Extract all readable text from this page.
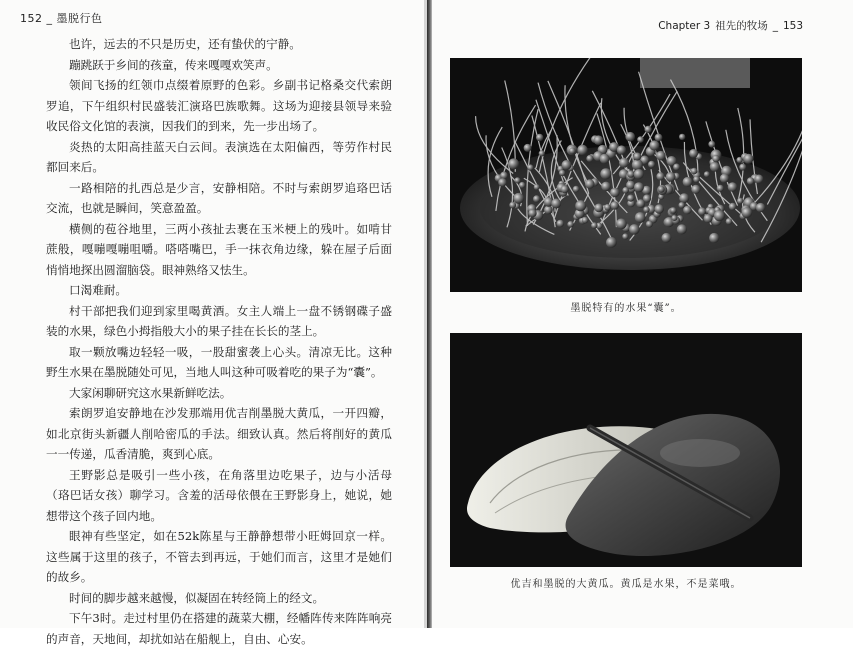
152 _ 墨脱行色

也许，远去的不只是历史，还有蛰伏的宁静。

蹦跳跃于乡间的孩童，传来嘎嘎欢笑声。

领间飞扬的红领巾点缀着原野的色彩。乡副书记格桑交代索朗罗追，下午组织村民盛装汇演珞巴族歌舞。这场为迎接县领导来验收民俗文化馆的表演，因我们的到来，先一步出场了。

炎热的太阳高挂蓝天白云间。表演选在太阳偏西，等劳作村民都回来后。

一路相陪的扎西总是少言，安静相陪。不时与索朗罗追珞巴话交流，也就是瞬间，笑意盈盈。

横侧的苞谷地里，三两小孩扯去裹在玉米梗上的残叶。如啃甘蔗般，嘎嘣嘎嘣咀嚼。嗒嗒嘴巴，手一抹衣角边缘，躲在屋子后面悄悄地探出圆溜脑袋。眼神熟络又怯生。

口渴难耐。

村干部把我们迎到家里喝黄酒。女主人端上一盘不锈钢碟子盛装的水果，绿色小拇指般大小的果子挂在长长的茎上。

取一颗放嘴边轻轻一吸，一股甜蜜袭上心头。清凉无比。这种野生水果在墨脱随处可见，当地人叫这种可吸着吃的果子为“囊”。

大家闲聊研究这水果新鲜吃法。

索朗罗追安静地在沙发那端用优吉削墨脱大黄瓜，一开四瓣，如北京街头新疆人削哈密瓜的手法。细致认真。然后将削好的黄瓜一一传递，瓜香清脆，爽到心底。

王野影总是吸引一些小孩，在角落里边吃果子，边与小活母（珞巴话女孩）聊学习。含羞的活母依偎在王野影身上，她说，她想带这个孩子回内地。

眼神有些坚定，如在52k陈星与王静静想带小旺姆回京一样。这些属于这里的孩子，不管去到再远，于她们而言，这里才是她们的故乡。

时间的脚步越来越慢，似凝固在转经筒上的经文。

下午3时。走过村里仍在搭建的蔬菜大棚，经幡阵传来阵阵响亮的声音，天地间，却扰如站在船舰上，自由、心安。

Chapter 3 祖先的牧场 _ 153
墨脱特有的水果“囊”。
优吉和墨脱的大黄瓜。黄瓜是水果，不是菜哦。
